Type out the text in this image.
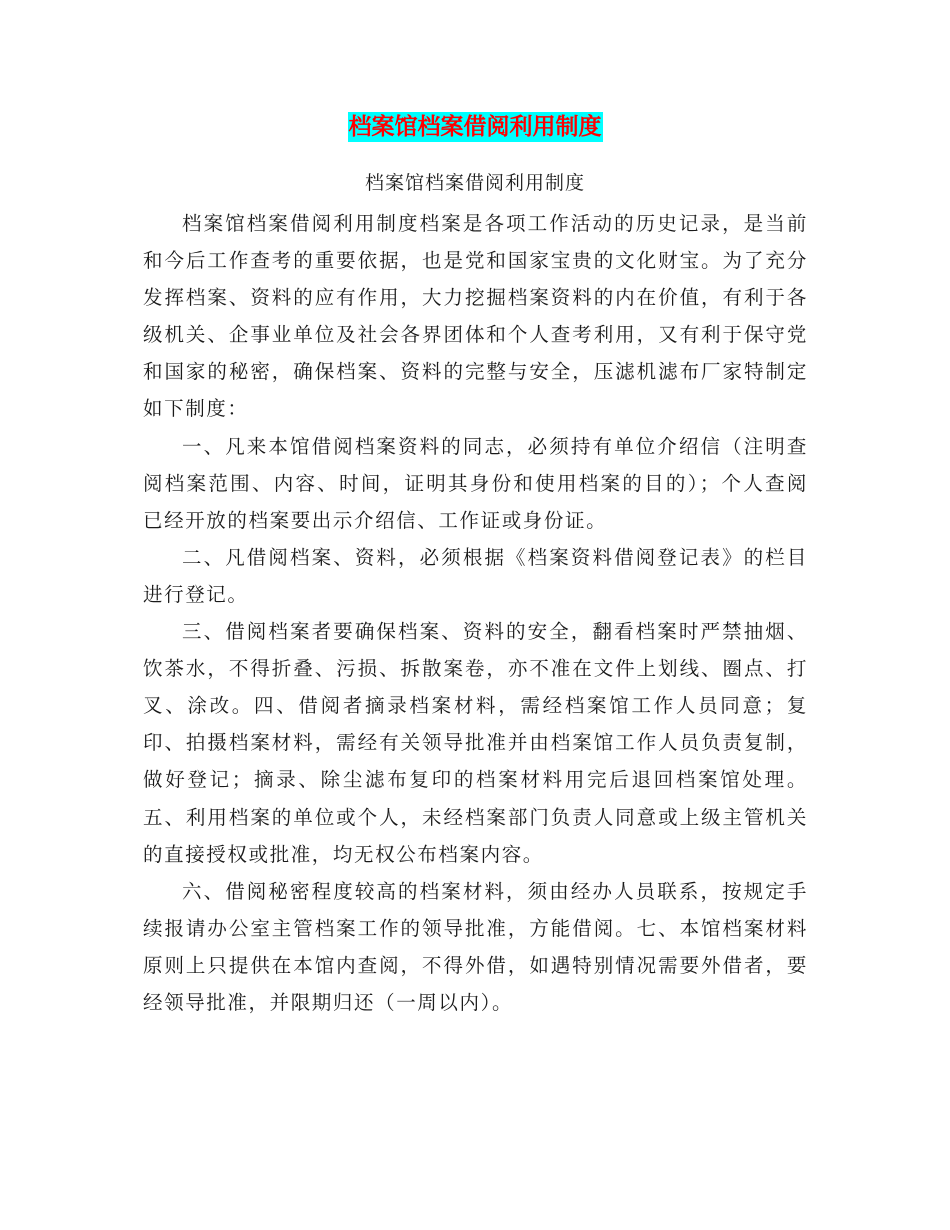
档案馆档案借阅利用制度
档案馆档案借阅利用制度

档案馆档案借阅利用制度档案是各项工作活动的历史记录，是当前和今后工作查考的重要依据，也是党和国家宝贵的文化财宝。为了充分发挥档案、资料的应有作用，大力挖掘档案资料的内在价值，有利于各级机关、企事业单位及社会各界团体和个人查考利用，又有利于保守党和国家的秘密，确保档案、资料的完整与安全，压滤机滤布厂家特制定如下制度：

一、凡来本馆借阅档案资料的同志，必须持有单位介绍信（注明查阅档案范围、内容、时间，证明其身份和使用档案的目的）；个人查阅已经开放的档案要出示介绍信、工作证或身份证。

二、凡借阅档案、资料，必须根据《档案资料借阅登记表》的栏目进行登记。

三、借阅档案者要确保档案、资料的安全，翻看档案时严禁抽烟、饮茶水，不得折叠、污损、拆散案卷，亦不准在文件上划线、圈点、打叉、涂改。四、借阅者摘录档案材料，需经档案馆工作人员同意；复印、拍摄档案材料，需经有关领导批准并由档案馆工作人员负责复制，做好登记；摘录、除尘滤布复印的档案材料用完后退回档案馆处理。五、利用档案的单位或个人，未经档案部门负责人同意或上级主管机关的直接授权或批准，均无权公布档案内容。

六、借阅秘密程度较高的档案材料，须由经办人员联系，按规定手续报请办公室主管档案工作的领导批准，方能借阅。七、本馆档案材料原则上只提供在本馆内查阅，不得外借，如遇特别情况需要外借者，要经领导批准，并限期归还（一周以内）。
